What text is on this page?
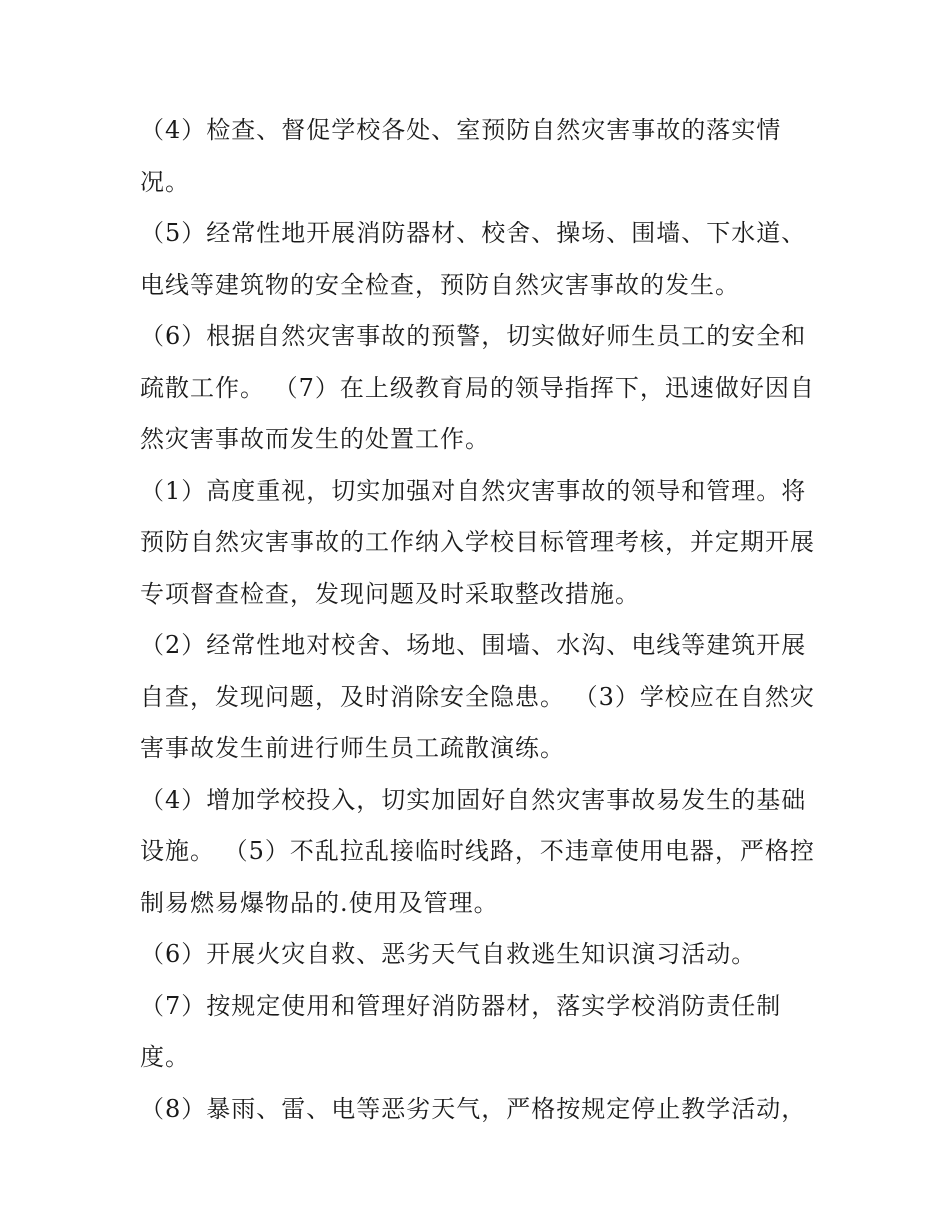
（4）检查、督促学校各处、室预防自然灾害事故的落实情
况。
（5）经常性地开展消防器材、校舍、操场、围墙、下水道、
电线等建筑物的安全检查，预防自然灾害事故的发生。
（6）根据自然灾害事故的预警，切实做好师生员工的安全和
疏散工作。 （7）在上级教育局的领导指挥下，迅速做好因自
然灾害事故而发生的处置工作。
（1）高度重视，切实加强对自然灾害事故的领导和管理。将
预防自然灾害事故的工作纳入学校目标管理考核，并定期开展
专项督查检查，发现问题及时采取整改措施。
（2）经常性地对校舍、场地、围墙、水沟、电线等建筑开展
自查，发现问题，及时消除安全隐患。 （3）学校应在自然灾
害事故发生前进行师生员工疏散演练。
（4）增加学校投入，切实加固好自然灾害事故易发生的基础
设施。 （5）不乱拉乱接临时线路，不违章使用电器，严格控
制易燃易爆物品的.使用及管理。
（6）开展火灾自救、恶劣天气自救逃生知识演习活动。
（7）按规定使用和管理好消防器材，落实学校消防责任制
度。
（8）暴雨、雷、电等恶劣天气，严格按规定停止教学活动，
